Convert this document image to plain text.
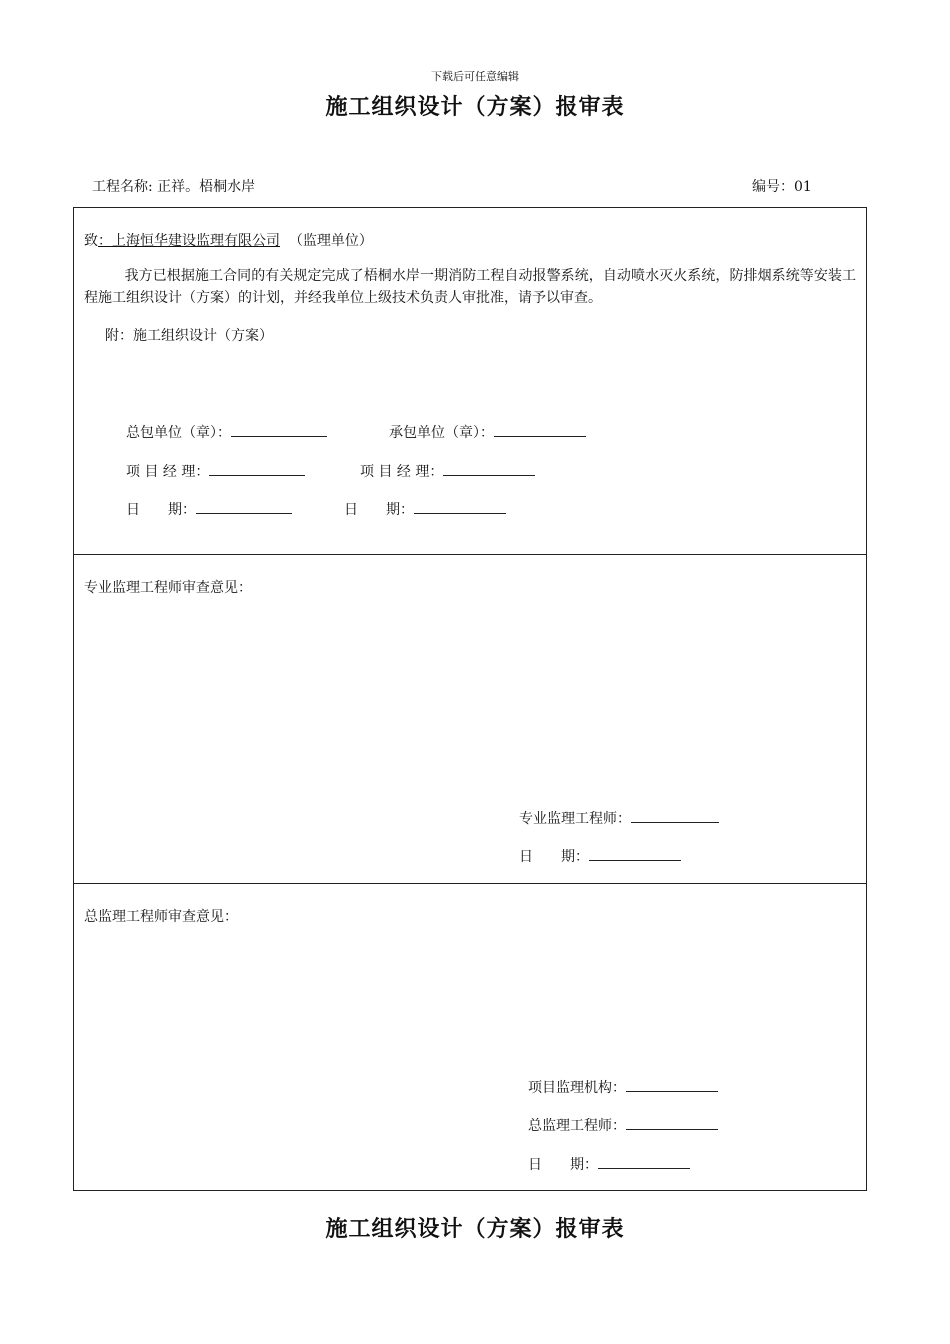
下载后可任意编辑
施工组织设计（方案）报审表
工程名称: 正祥。梧桐水岸	编号：01
致：上海恒华建设监理有限公司 （监理单位）
我方已根据施工合同的有关规定完成了梧桐水岸一期消防工程自动报警系统，自动喷水灭火系统，防排烟系统等安装工程施工组织设计（方案）的计划，并经我单位上级技术负责人审批准，请予以审查。
附：施工组织设计（方案）
总包单位（章）：	承包单位（章）：
项 目 经 理：	项 目 经 理：
日　　期：	日　　期：
专业监理工程师审查意见：
专业监理工程师：
日　　期：
总监理工程师审查意见：
项目监理机构：
总监理工程师：
日　　期：
施工组织设计（方案）报审表
